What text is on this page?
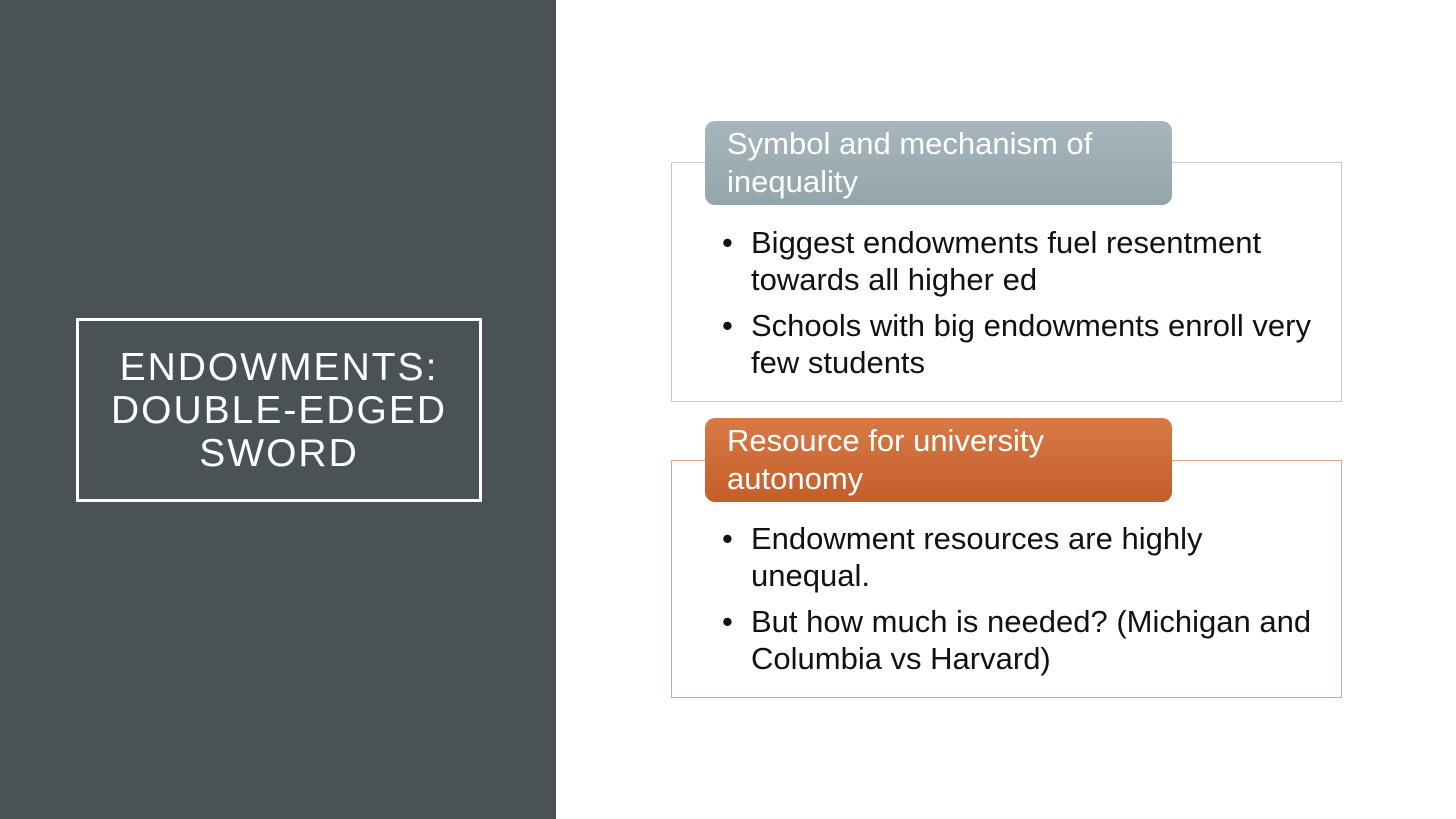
ENDOWMENTS: DOUBLE-EDGED SWORD
Symbol and mechanism of inequality
• Biggest endowments fuel resentment towards all higher ed
• Schools with big endowments enroll very few students
Resource for university autonomy
• Endowment resources are highly unequal.
• But how much is needed? (Michigan and Columbia vs Harvard)
